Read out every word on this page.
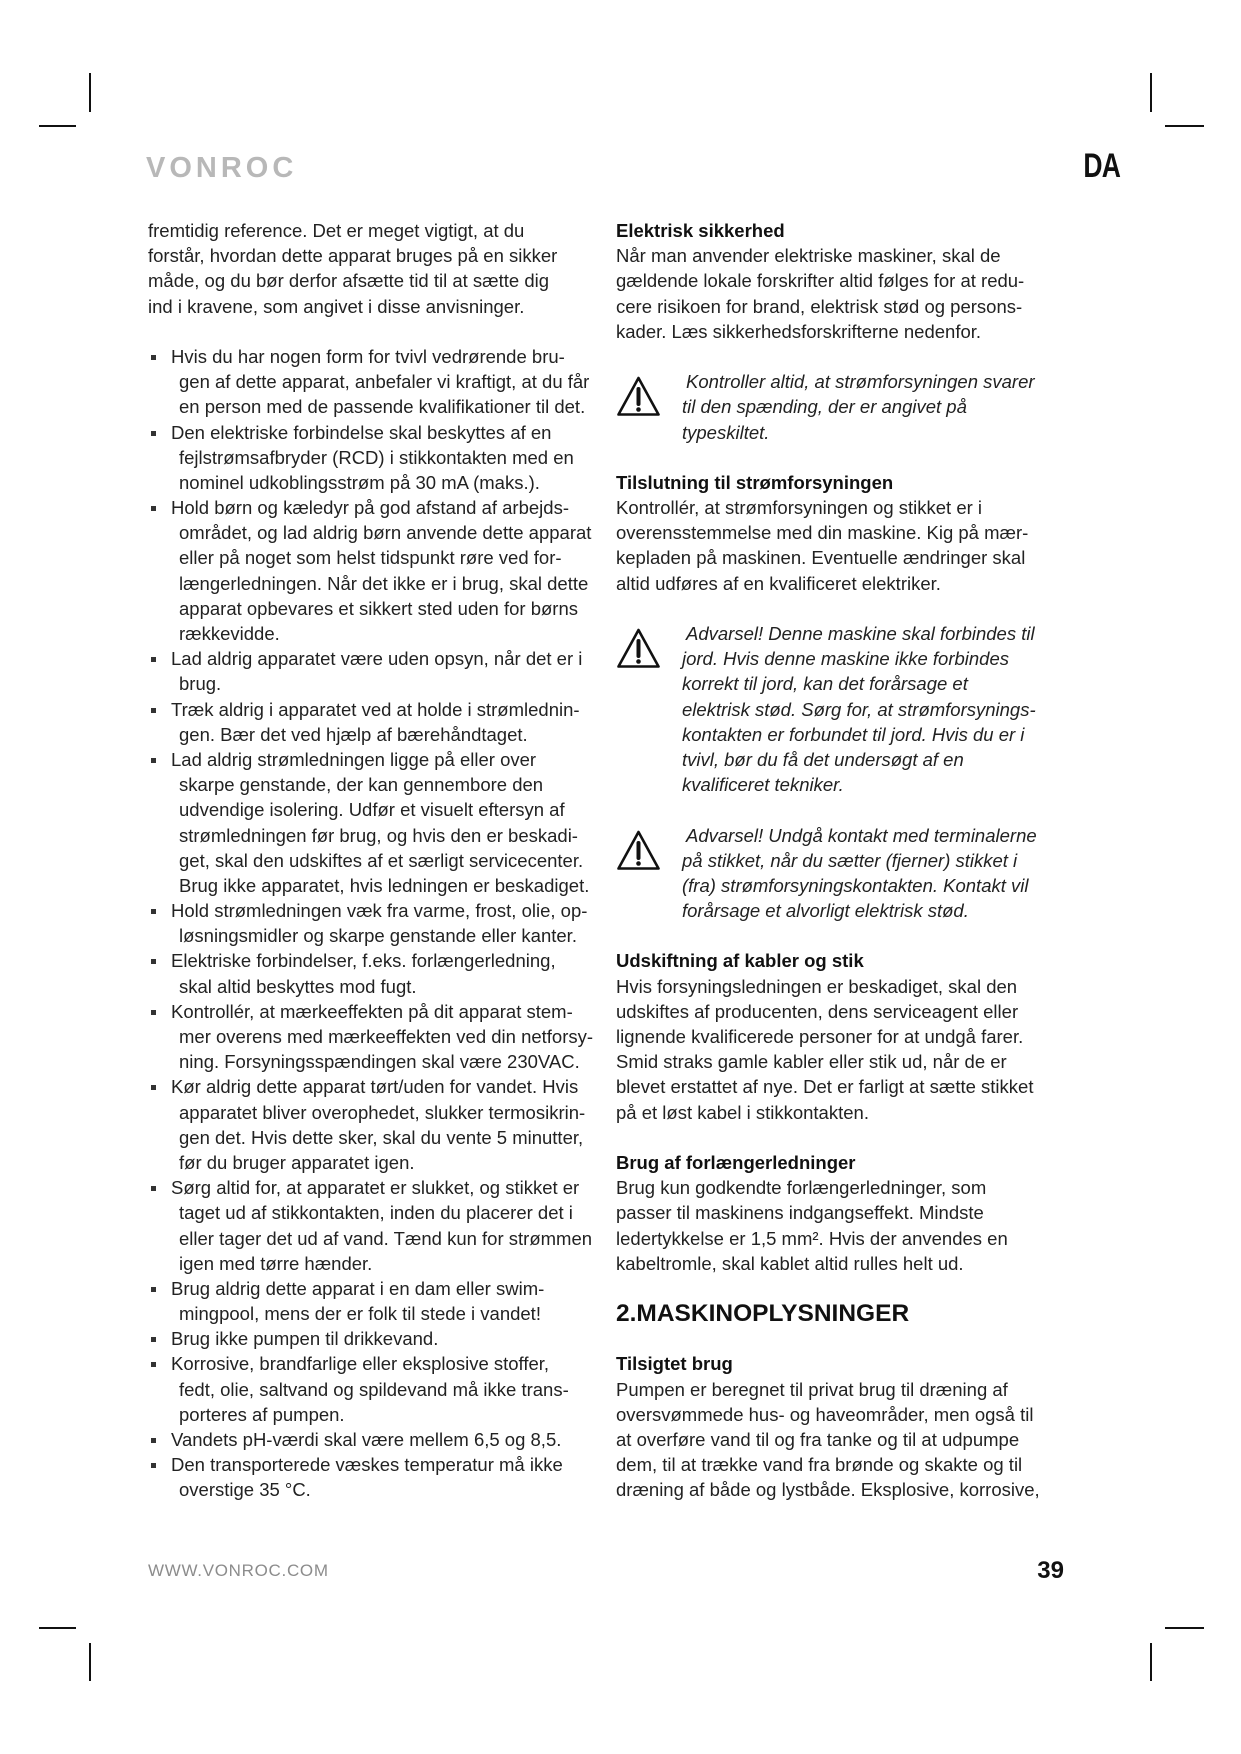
VONROC	DA
fremtidig reference. Det er meget vigtigt, at du
forstår, hvordan dette apparat bruges på en sikker
måde, og du bør derfor afsætte tid til at sætte dig
ind i kravene, som angivet i disse anvisninger.
Hvis du har nogen form for tvivl vedrørende bru-
gen af dette apparat, anbefaler vi kraftigt, at du får
en person med de passende kvalifikationer til det.
Den elektriske forbindelse skal beskyttes af en
fejlstrømsafbryder (RCD) i stikkontakten med en
nominel udkoblingsstrøm på 30 mA (maks.).
Hold børn og kæledyr på god afstand af arbejds-
området, og lad aldrig børn anvende dette apparat
eller på noget som helst tidspunkt røre ved for-
længerledningen. Når det ikke er i brug, skal dette
apparat opbevares et sikkert sted uden for børns
rækkevidde.
Lad aldrig apparatet være uden opsyn, når det er i
brug.
Træk aldrig i apparatet ved at holde i strømlednin-
gen. Bær det ved hjælp af bærehåndtaget.
Lad aldrig strømledningen ligge på eller over
skarpe genstande, der kan gennembore den
udvendige isolering. Udfør et visuelt eftersyn af
strømledningen før brug, og hvis den er beskadi-
get, skal den udskiftes af et særligt servicecenter.
Brug ikke apparatet, hvis ledningen er beskadiget.
Hold strømledningen væk fra varme, frost, olie, op-
løsningsmidler og skarpe genstande eller kanter.
Elektriske forbindelser, f.eks. forlængerledning,
skal altid beskyttes mod fugt.
Kontrollér, at mærkeeffekten på dit apparat stem-
mer overens med mærkeeffekten ved din netforsy-
ning. Forsyningsspændingen skal være 230VAC.
Kør aldrig dette apparat tørt/uden for vandet. Hvis
apparatet bliver overophedet, slukker termosikrin-
gen det. Hvis dette sker, skal du vente 5 minutter,
før du bruger apparatet igen.
Sørg altid for, at apparatet er slukket, og stikket er
taget ud af stikkontakten, inden du placerer det i
eller tager det ud af vand. Tænd kun for strømmen
igen med tørre hænder.
Brug aldrig dette apparat i en dam eller swim-
mingpool, mens der er folk til stede i vandet!
Brug ikke pumpen til drikkevand.
Korrosive, brandfarlige eller eksplosive stoffer,
fedt, olie, saltvand og spildevand må ikke trans-
porteres af pumpen.
Vandets pH-værdi skal være mellem 6,5 og 8,5.
Den transporterede væskes temperatur må ikke
overstige 35 °C.
Elektrisk sikkerhed
Når man anvender elektriske maskiner, skal de
gældende lokale forskrifter altid følges for at redu-
cere risikoen for brand, elektrisk stød og persons-
kader. Læs sikkerhedsforskrifterne nedenfor.
Kontroller altid, at strømforsyningen svarer
til den spænding, der er angivet på
typeskiltet.
Tilslutning til strømforsyningen
Kontrollér, at strømforsyningen og stikket er i
overensstemmelse med din maskine. Kig på mær-
kepladen på maskinen. Eventuelle ændringer skal
altid udføres af en kvalificeret elektriker.
Advarsel! Denne maskine skal forbindes til
jord. Hvis denne maskine ikke forbindes
korrekt til jord, kan det forårsage et
elektrisk stød. Sørg for, at strømforsynings-
kontakten er forbundet til jord. Hvis du er i
tvivl, bør du få det undersøgt af en
kvalificeret tekniker.
Advarsel! Undgå kontakt med terminalerne
på stikket, når du sætter (fjerner) stikket i
(fra) strømforsyningskontakten. Kontakt vil
forårsage et alvorligt elektrisk stød.
Udskiftning af kabler og stik
Hvis forsyningsledningen er beskadiget, skal den
udskiftes af producenten, dens serviceagent eller
lignende kvalificerede personer for at undgå farer.
Smid straks gamle kabler eller stik ud, når de er
blevet erstattet af nye. Det er farligt at sætte stikket
på et løst kabel i stikkontakten.
Brug af forlængerledninger
Brug kun godkendte forlængerledninger, som
passer til maskinens indgangseffekt. Mindste
ledertykkelse er 1,5 mm². Hvis der anvendes en
kabeltromle, skal kablet altid rulles helt ud.
2.MASKINOPLYSNINGER
Tilsigtet brug
Pumpen er beregnet til privat brug til dræning af
oversvømmede hus- og haveområder, men også til
at overføre vand til og fra tanke og til at udpumpe
dem, til at trække vand fra brønde og skakte og til
dræning af både og lystbåde. Eksplosive, korrosive,
WWW.VONROC.COM	39
